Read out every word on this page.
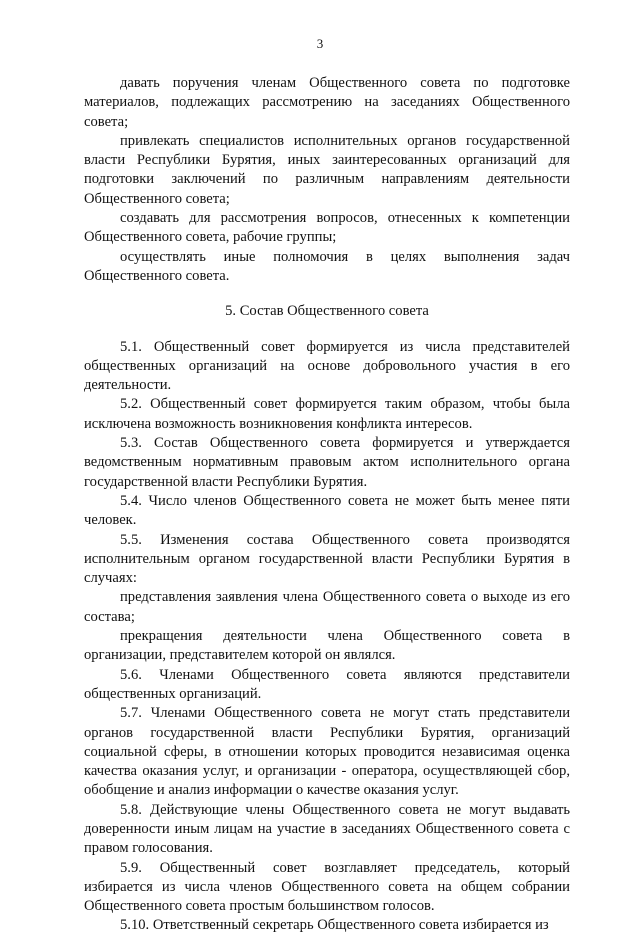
3

давать поручения членам Общественного совета по подготовке материалов, подлежащих рассмотрению на заседаниях Общественного совета;

привлекать специалистов исполнительных органов государственной власти Республики Бурятия, иных заинтересованных организаций для подготовки заключений по различным направлениям деятельности Общественного совета;

создавать для рассмотрения вопросов, отнесенных к компетенции Общественного совета, рабочие группы;

осуществлять иные полномочия в целях выполнения задач Общественного совета.

5. Состав Общественного совета

5.1. Общественный совет формируется из числа представителей общественных организаций на основе добровольного участия в его деятельности.

5.2. Общественный совет формируется таким образом, чтобы была исключена возможность возникновения конфликта интересов.

5.3. Состав Общественного совета формируется и утверждается ведомственным нормативным правовым актом исполнительного органа государственной власти Республики Бурятия.

5.4. Число членов Общественного совета не может быть менее пяти человек.

5.5. Изменения состава Общественного совета производятся исполнительным органом государственной власти Республики Бурятия в случаях:

представления заявления члена Общественного совета о выходе из его состава;

прекращения деятельности члена Общественного совета в организации, представителем которой он являлся.

5.6. Членами Общественного совета являются представители общественных организаций.

5.7. Членами Общественного совета не могут стать представители органов государственной власти Республики Бурятия, организаций социальной сферы, в отношении которых проводится независимая оценка качества оказания услуг, и организации - оператора, осуществляющей сбор, обобщение и анализ информации о качестве оказания услуг.

5.8. Действующие члены Общественного совета не могут выдавать доверенности иным лицам на участие в заседаниях Общественного совета с правом голосования.

5.9. Общественный совет возглавляет председатель, который избирается из числа членов Общественного совета на общем собрании Общественного совета простым большинством голосов.

5.10. Ответственный секретарь Общественного совета избирается из
